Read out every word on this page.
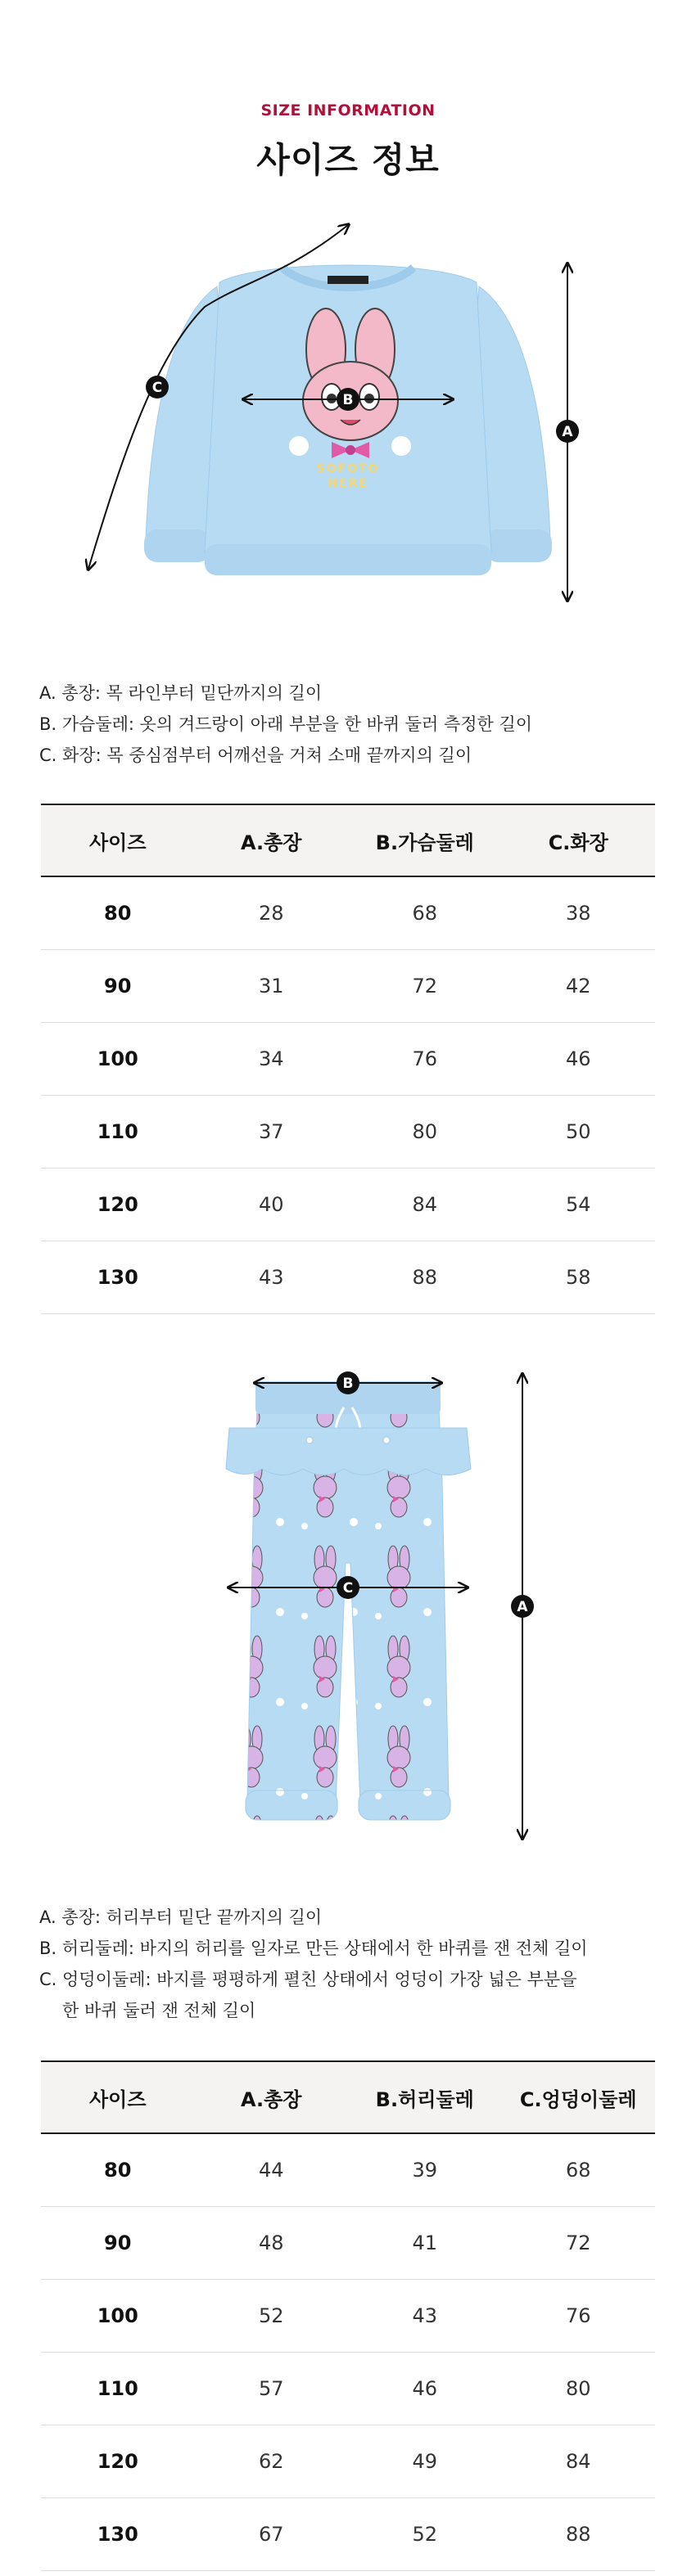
SIZE INFORMATION
사이즈 정보
SOFOTO
HERE
A
B
C
A. 총장: 목 라인부터 밑단까지의 길이
B. 가슴둘레: 옷의 겨드랑이 아래 부분을 한 바퀴 둘러 측정한 길이
C. 화장: 목 중심점부터 어깨선을 거쳐 소매 끝까지의 길이
사이즈	A.총장	B.가슴둘레	C.화장
80	28	68	38
90	31	72	42
100	34	76	46
110	37	80	50
120	40	84	54
130	43	88	58
A
B
C
A. 총장: 허리부터 밑단 끝까지의 길이
B. 허리둘레: 바지의 허리를 일자로 만든 상태에서 한 바퀴를 잰 전체 길이
C. 엉덩이둘레: 바지를 평평하게 펼친 상태에서 엉덩이 가장 넓은 부분을
한 바퀴 둘러 잰 전체 길이
사이즈	A.총장	B.허리둘레	C.엉덩이둘레
80	44	39	68
90	48	41	72
100	52	43	76
110	57	46	80
120	62	49	84
130	67	52	88
